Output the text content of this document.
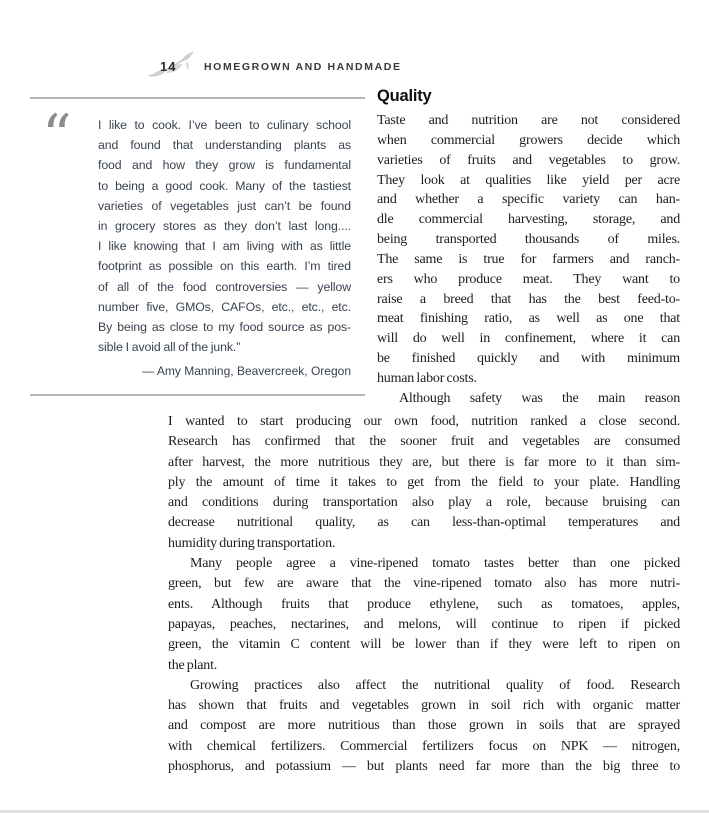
14	HOMEGROWN AND HANDMADE
“ I like to cook. I’ve been to culinary school
and found that understanding plants as
food and how they grow is fundamental
to being a good cook. Many of the tastiest
varieties of vegetables just can’t be found
in grocery stores as they don’t last long....
I like knowing that I am living with as little
footprint as possible on this earth. I’m tired
of all of the food controversies — yellow
number five, GMOs, CAFOs, etc., etc., etc.
By being as close to my food source as pos-
sible I avoid all of the junk.”
— Amy Manning, Beavercreek, Oregon
Quality
Taste and nutrition are not considered
when commercial growers decide which
varieties of fruits and vegetables to grow.
They look at qualities like yield per acre
and whether a specific variety can han-
dle commercial harvesting, storage, and
being transported thousands of miles.
The same is true for farmers and ranch-
ers who produce meat. They want to
raise a breed that has the best feed-to-
meat finishing ratio, as well as one that
will do well in confinement, where it can
be finished quickly and with minimum
human labor costs.
Although safety was the main reason
I wanted to start producing our own food, nutrition ranked a close second.
Research has confirmed that the sooner fruit and vegetables are consumed
after harvest, the more nutritious they are, but there is far more to it than sim-
ply the amount of time it takes to get from the field to your plate. Handling
and conditions during transportation also play a role, because bruising can
decrease nutritional quality, as can less-than-optimal temperatures and
humidity during transportation.
Many people agree a vine-ripened tomato tastes better than one picked
green, but few are aware that the vine-ripened tomato also has more nutri-
ents. Although fruits that produce ethylene, such as tomatoes, apples,
papayas, peaches, nectarines, and melons, will continue to ripen if picked
green, the vitamin C content will be lower than if they were left to ripen on
the plant.
Growing practices also affect the nutritional quality of food. Research
has shown that fruits and vegetables grown in soil rich with organic matter
and compost are more nutritious than those grown in soils that are sprayed
with chemical fertilizers. Commercial fertilizers focus on NPK — nitrogen,
phosphorus, and potassium — but plants need far more than the big three to
